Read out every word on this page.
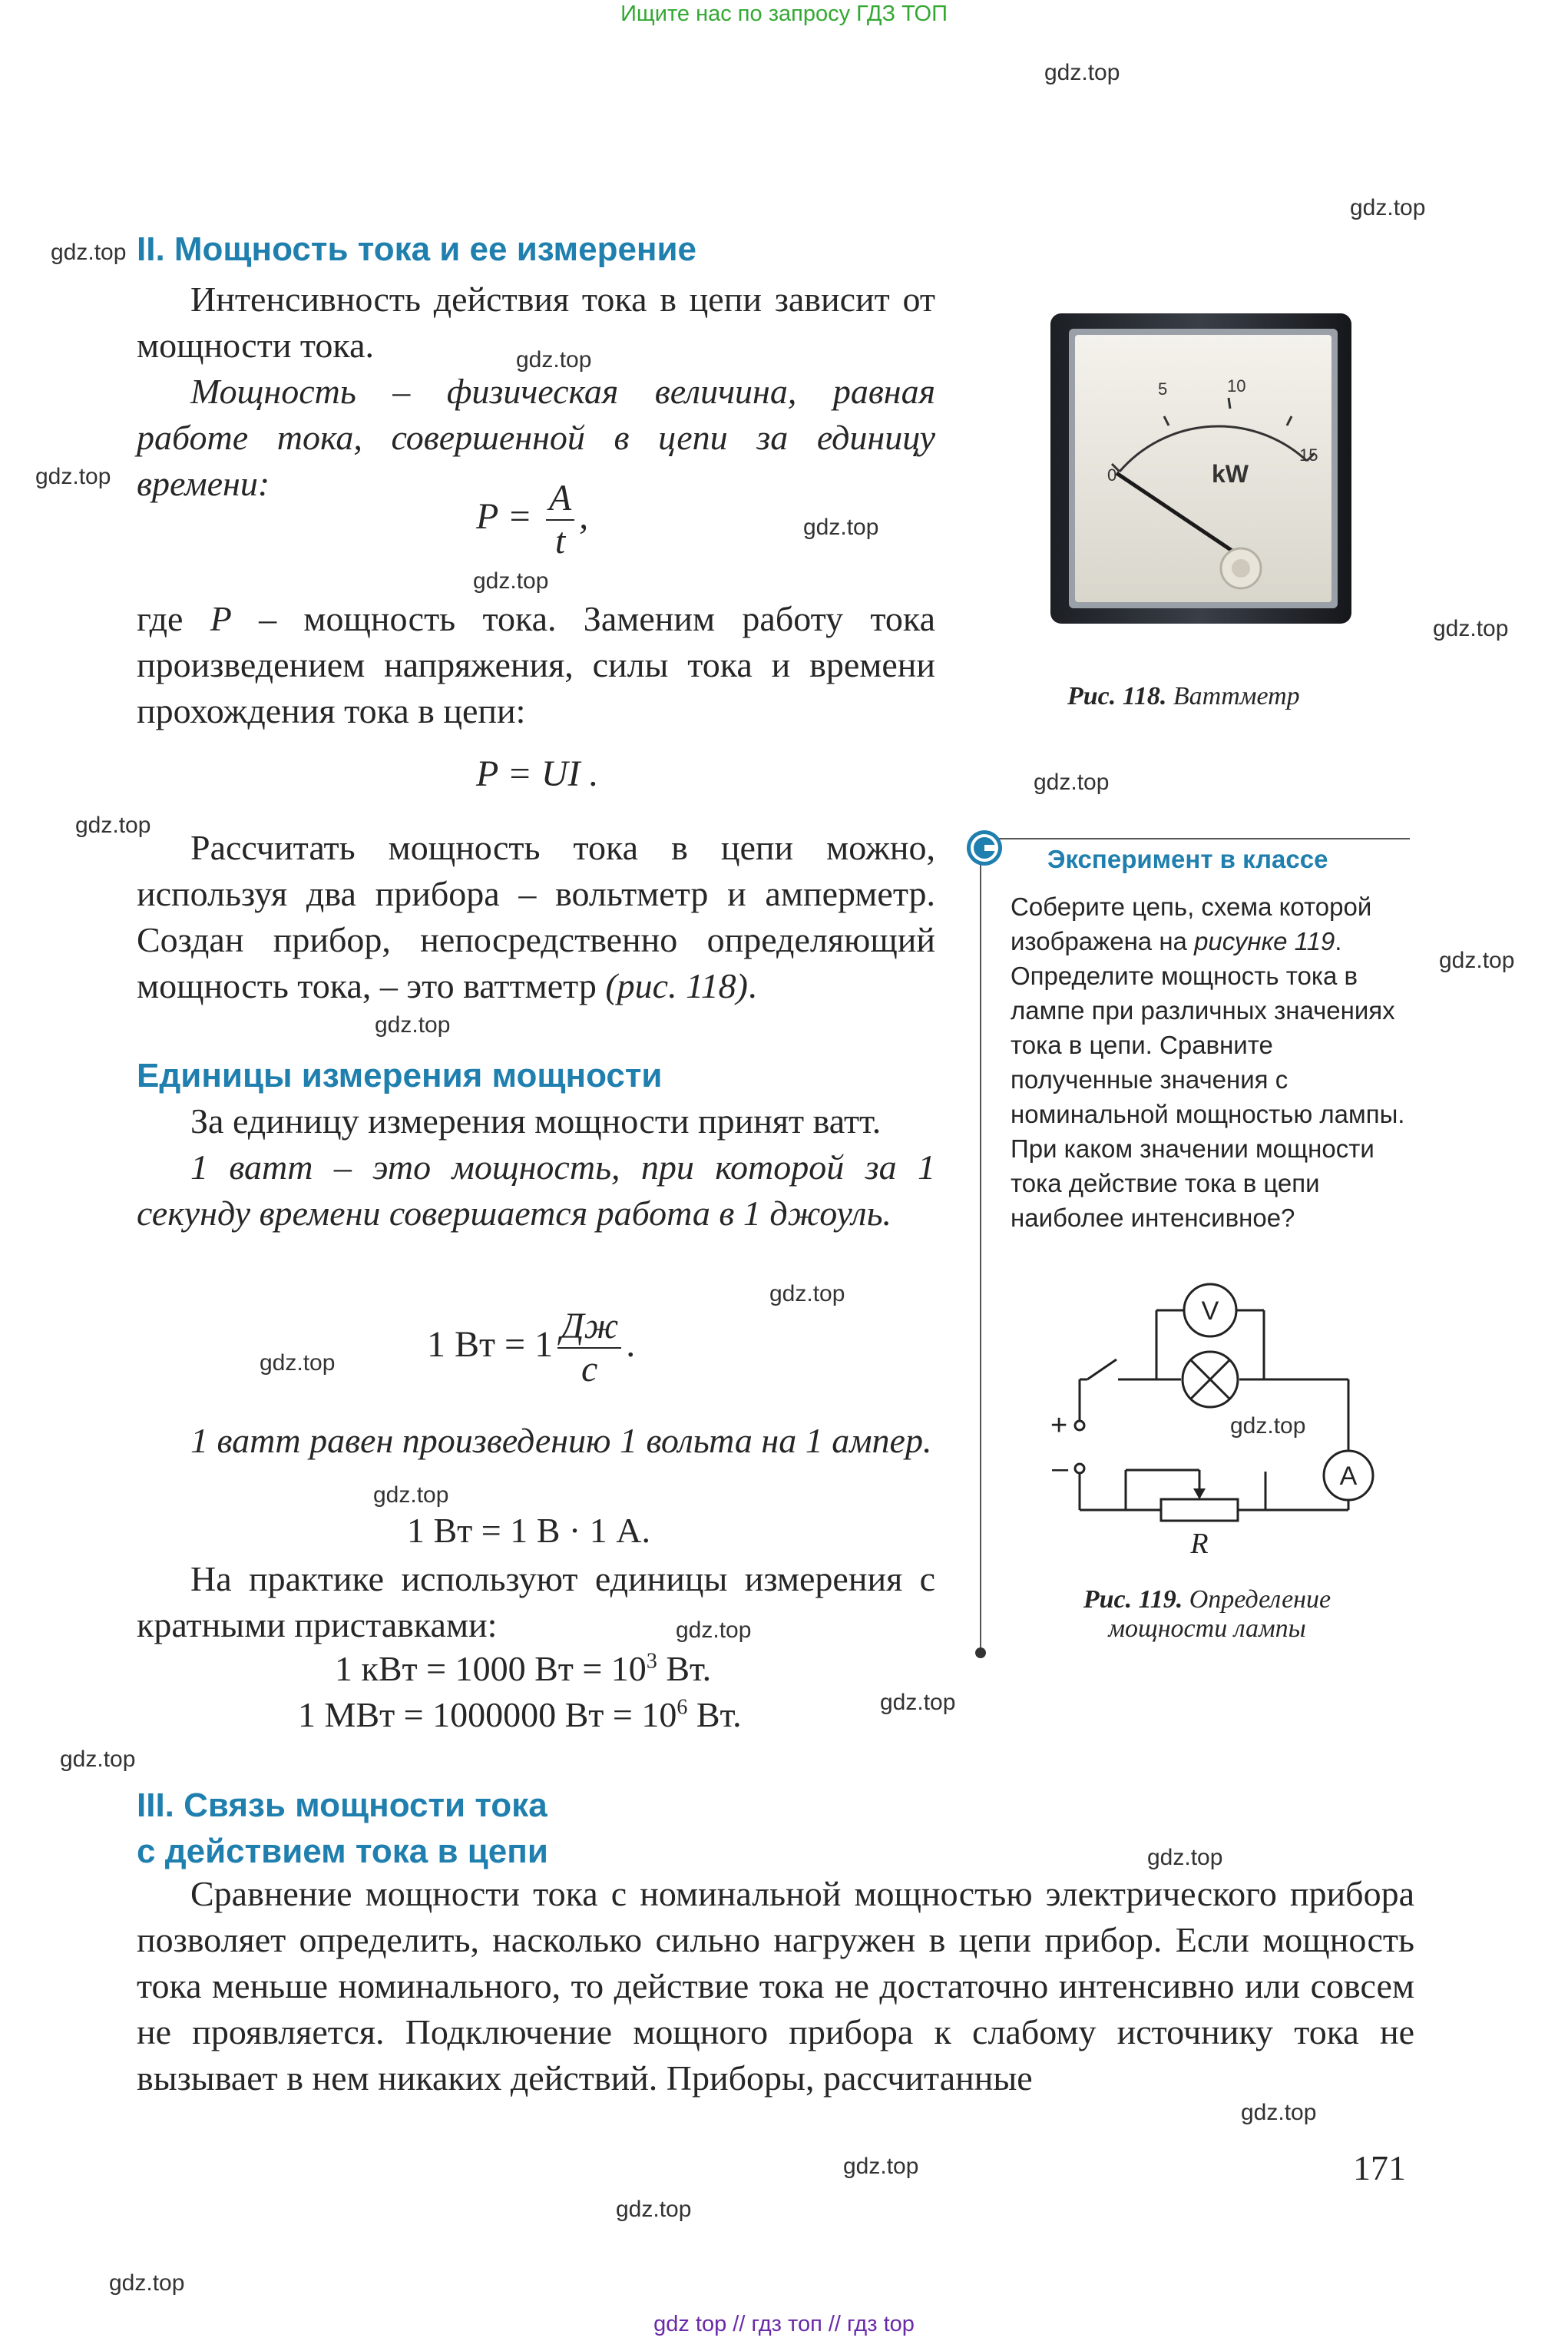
Ищите нас по запросу ГДЗ ТОП
gdz.top
gdz.top
gdz.top
gdz.top
gdz.top
gdz.top
gdz.top
gdz.top
gdz.top
gdz.top
gdz.top
gdz.top
gdz.top
gdz.top
gdz.top
gdz.top
gdz.top
gdz.top
gdz.top
gdz.top
gdz.top
gdz.top
gdz.top
gdz.top
II. Мощность тока и ее измерение
Интенсивность действия тока в цепи зависит от мощности тока.
Мощность – физическая величина, равная работе тока, совершенной в цепи за единицу времени:
$P = \frac{A}{t}$ ,
где P – мощность тока. Заменим работу тока произведением напряжения, силы тока и времени прохождения тока в цепи:
P = UI .
Рассчитать мощность тока в цепи можно, используя два прибора – вольтметр и амперметр. Создан прибор, непосредственно определяющий мощность тока, – это ваттметр (рис. 118).
Единицы измерения мощности
За единицу измерения мощности принят ватт.
1 ватт – это мощность, при которой за 1 секунду времени совершается работа в 1 джоуль.
1 Вт = $1 \frac{Дж}{с}$ .
1 ватт равен произведению 1 вольта на 1 ампер.
1 Вт = 1 В · 1 А.
На практике используют единицы измерения с кратными приставками:
1 кВт = 1000 Вт = $10^3$ Вт.
1 МВт = 1000000 Вт = $10^6$ Вт.
III. Связь мощности тока
с действием тока в цепи
Сравнение мощности тока с номинальной мощностью электрического прибора позволяет определить, насколько сильно нагружен в цепи прибор. Если мощность тока меньше номинального, то действие тока не достаточно интенсивно или совсем не проявляется. Подключение мощного прибора к слабому источнику тока не вызывает в нем никаких действий. Приборы, рассчитанные
0
5	10
15
kW
Рис. 118. Ваттметр
Эксперимент в классе
Соберите цепь, схема которой изображена на рисунке 119. Определите мощность тока в лампе при различных значениях тока в цепи. Сравните полученные значения с номинальной мощностью лампы. При каком значении мощности тока действие тока в цепи наиболее интенсивное?
V
A
R
+
–
Рис. 119. Определение
мощности лампы
171
gdz top // гдз топ // гдз top
